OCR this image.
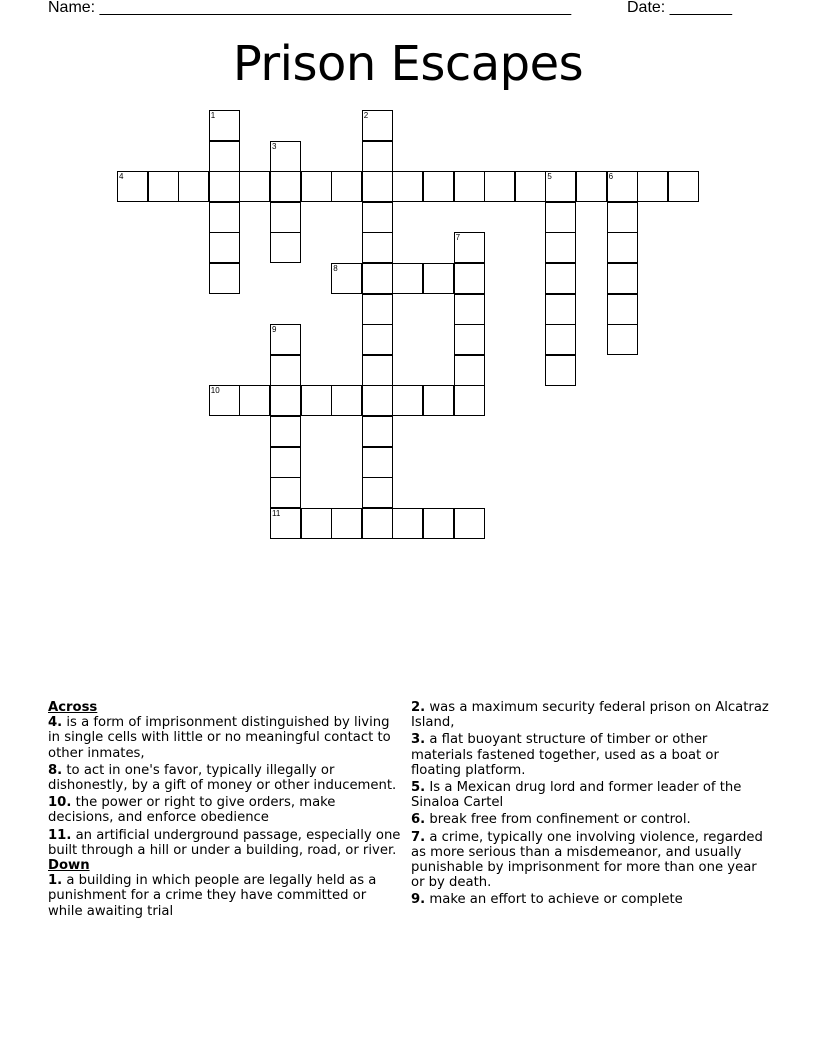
Name: _____________________________________________________	Date: _______
Prison Escapes
1	2
3
4	5	6
7
8
9
11
10
Across
4. is a form of imprisonment distinguished by living in single cells with little or no meaningful contact to other inmates,
8. to act in one's favor, typically illegally or dishonestly, by a gift of money or other inducement.
10. the power or right to give orders, make decisions, and enforce obedience
11. an artificial underground passage, especially one built through a hill or under a building, road, or river.
Down
1. a building in which people are legally held as a punishment for a crime they have committed or while awaiting trial
2. was a maximum security federal prison on Alcatraz Island,
3. a flat buoyant structure of timber or other materials fastened together, used as a boat or floating platform.
5. Is a Mexican drug lord and former leader of the Sinaloa Cartel
6. break free from confinement or control.
7. a crime, typically one involving violence, regarded as more serious than a misdemeanor, and usually punishable by imprisonment for more than one year or by death.
9. make an effort to achieve or complete
